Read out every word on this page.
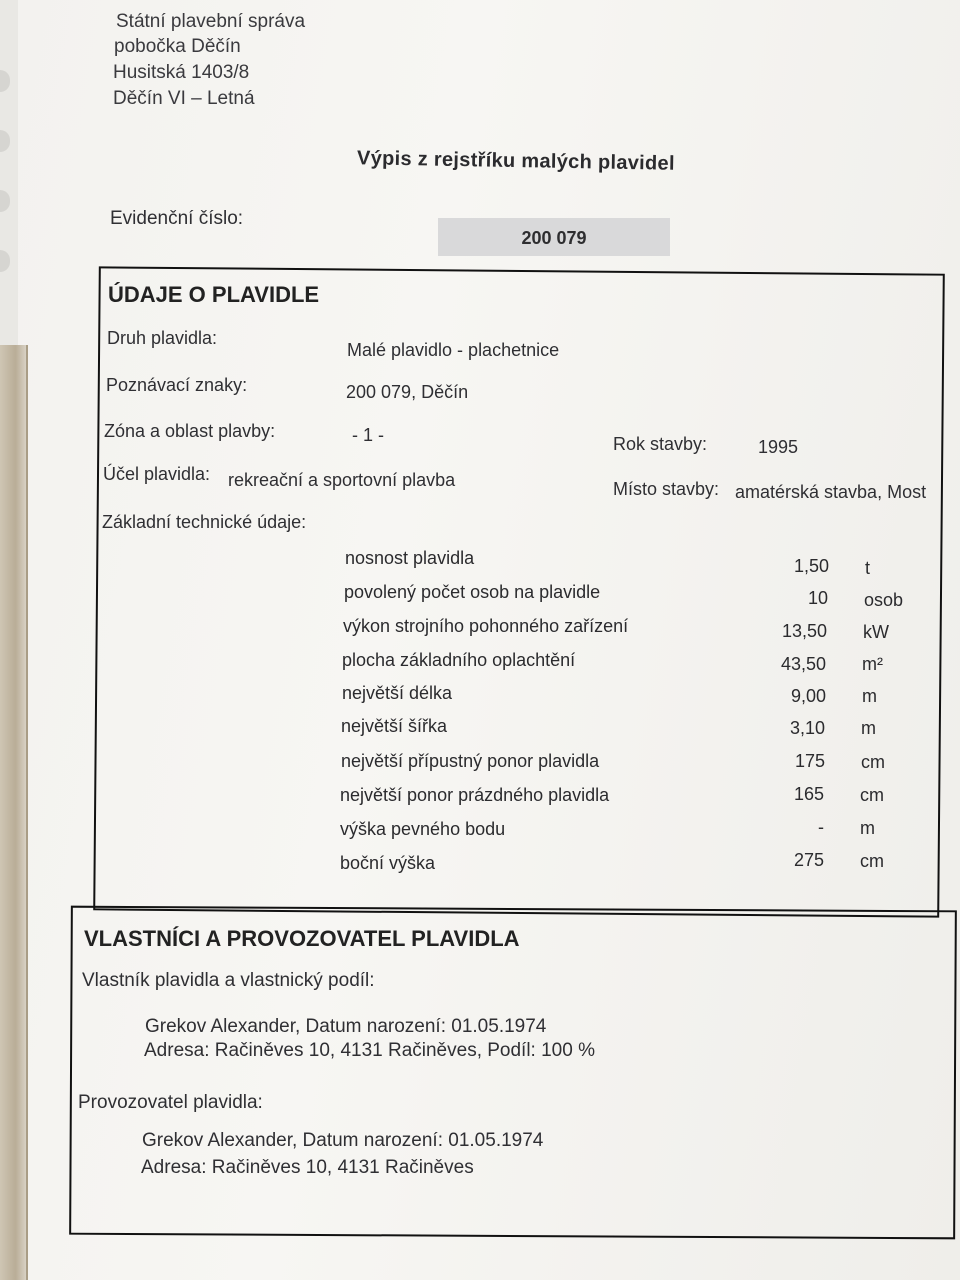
Státní plavební správa
pobočka Děčín
Husitská 1403/8
Děčín VI – Letná
Výpis z rejstříku malých plavidel
Evidenční číslo:
200 079
ÚDAJE O PLAVIDLE
Druh plavidla:
Malé plavidlo - plachetnice
Poznávací znaky:	200 079, Děčín
Zóna a oblast plavby:	- 1 -	Rok stavby:	1995
Účel plavidla: rekreační a sportovní plavba	Místo stavby: amatérská stavba, Most
Základní technické údaje:
nosnost plavidla	1,50 t
povolený počet osob na plavidle	10 osob
výkon strojního pohonného zařízení	13,50 kW
plocha základního oplachtění	43,50 m²
největší délka	9,00 m
největší šířka	3,10 m
největší přípustný ponor plavidla	175 cm
největší ponor prázdného plavidla	165 cm
výška pevného bodu	- m
boční výška	275 cm
VLASTNÍCI A PROVOZOVATEL PLAVIDLA
Vlastník plavidla a vlastnický podíl:
Grekov Alexander, Datum narození: 01.05.1974
Adresa: Račiněves 10, 4131 Račiněves, Podíl: 100 %
Provozovatel plavidla:
Grekov Alexander, Datum narození: 01.05.1974
Adresa: Račiněves 10, 4131 Račiněves
